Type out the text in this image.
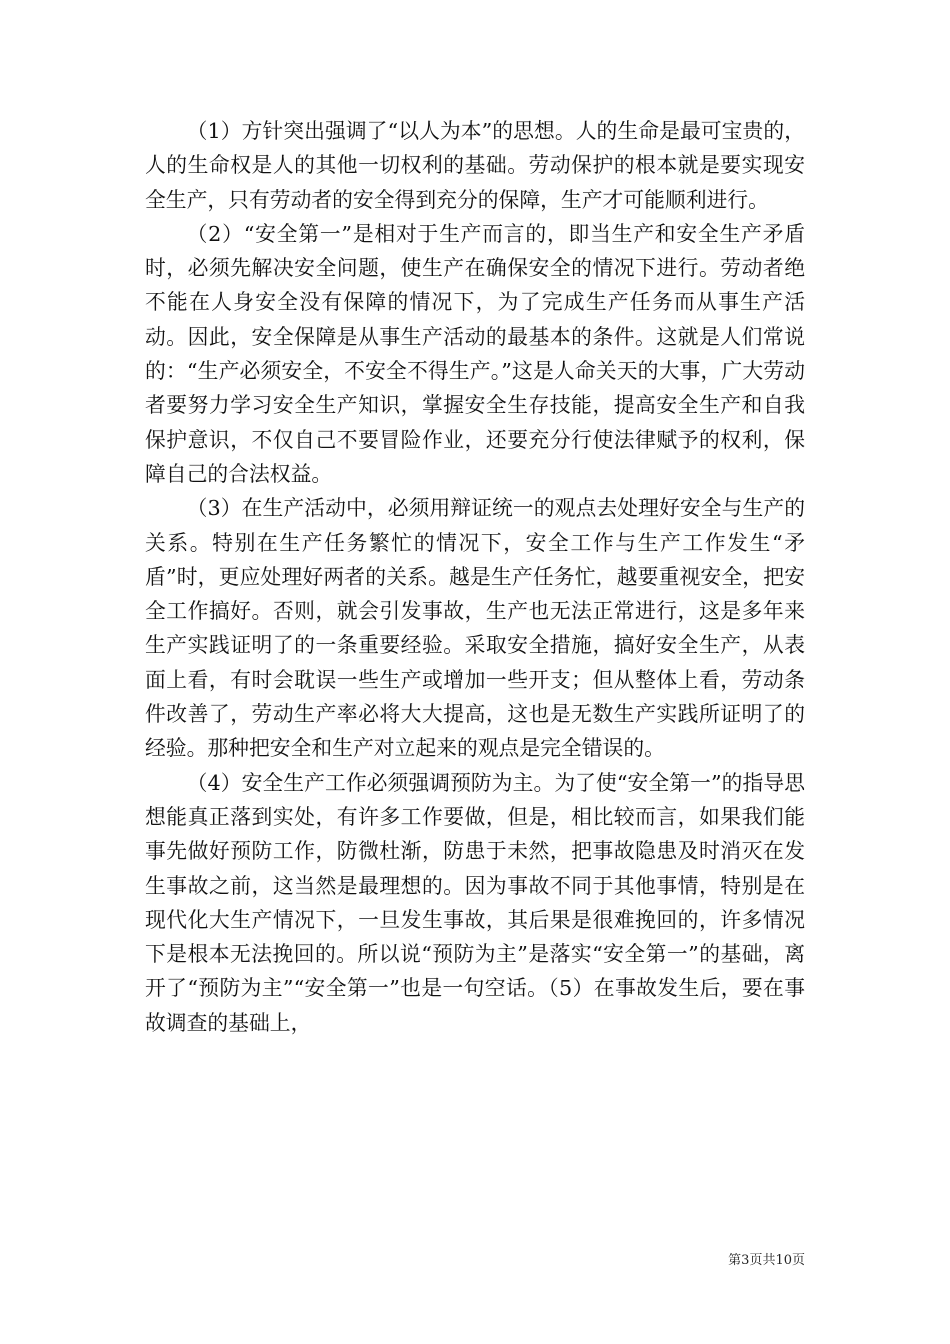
（1）方针突出强调了“以人为本”的思想。人的生命是最可宝贵的，人的生命权是人的其他一切权利的基础。劳动保护的根本就是要实现安全生产，只有劳动者的安全得到充分的保障，生产才可能顺利进行。

（2）“安全第一”是相对于生产而言的，即当生产和安全生产矛盾时，必须先解决安全问题，使生产在确保安全的情况下进行。劳动者绝不能在人身安全没有保障的情况下，为了完成生产任务而从事生产活动。因此，安全保障是从事生产活动的最基本的条件。这就是人们常说的：“生产必须安全，不安全不得生产。”这是人命关天的大事，广大劳动者要努力学习安全生产知识，掌握安全生存技能，提高安全生产和自我保护意识，不仅自己不要冒险作业，还要充分行使法律赋予的权利，保障自己的合法权益。

（3）在生产活动中，必须用辩证统一的观点去处理好安全与生产的关系。特别在生产任务繁忙的情况下，安全工作与生产工作发生“矛盾”时，更应处理好两者的关系。越是生产任务忙，越要重视安全，把安全工作搞好。否则，就会引发事故，生产也无法正常进行，这是多年来生产实践证明了的一条重要经验。采取安全措施，搞好安全生产，从表面上看，有时会耽误一些生产或增加一些开支；但从整体上看，劳动条件改善了，劳动生产率必将大大提高，这也是无数生产实践所证明了的经验。那种把安全和生产对立起来的观点是完全错误的。

（4）安全生产工作必须强调预防为主。为了使“安全第一”的指导思想能真正落到实处，有许多工作要做，但是，相比较而言，如果我们能事先做好预防工作，防微杜渐，防患于未然，把事故隐患及时消灭在发生事故之前，这当然是最理想的。因为事故不同于其他事情，特别是在现代化大生产情况下，一旦发生事故，其后果是很难挽回的，许多情况下是根本无法挽回的。所以说“预防为主”是落实“安全第一”的基础，离开了“预防为主”“安全第一”也是一句空话。（5）在事故发生后，要在事故调查的基础上，

第3页共10页
